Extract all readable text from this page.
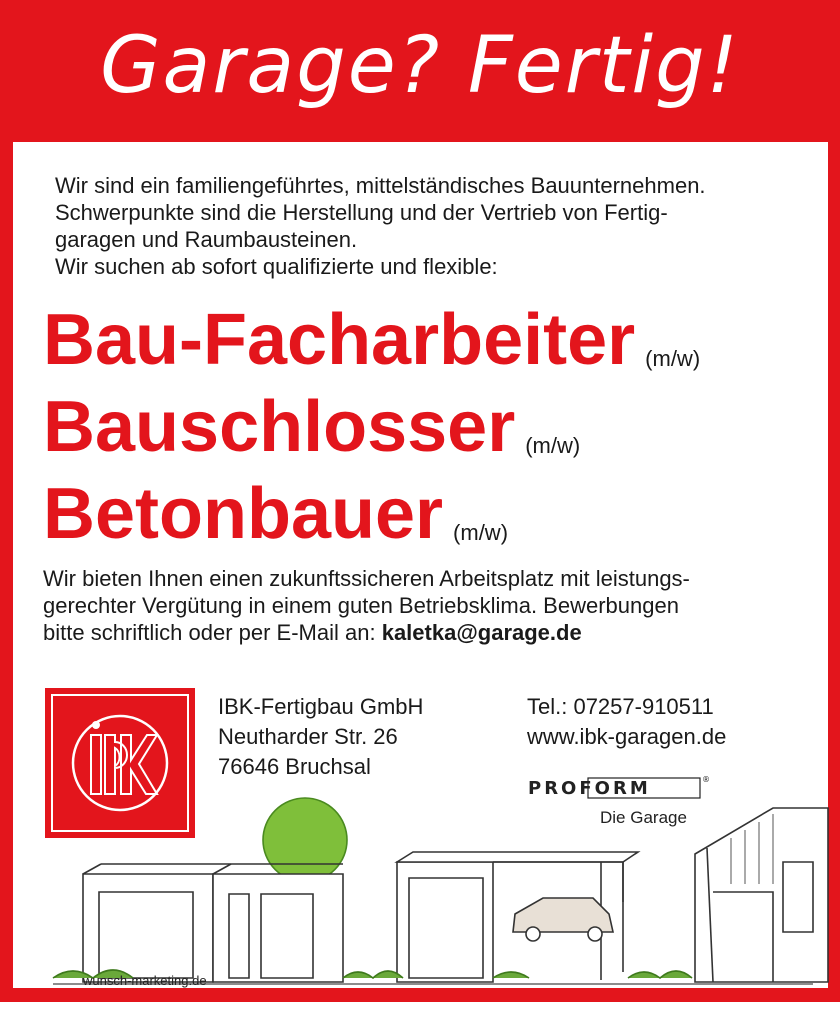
Garage? Fertig!
Wir sind ein familiengeführtes, mittelständisches Bauunternehmen.
Schwerpunkte sind die Herstellung und der Vertrieb von Fertig-
garagen und Raumbausteinen.
Wir suchen ab sofort qualifizierte und flexible:
Bau-Facharbeiter (m/w)
Bauschlosser (m/w)
Betonbauer (m/w)
Wir bieten Ihnen einen zukunftssicheren Arbeitsplatz mit leistungs-
gerechter Vergütung in einem guten Betriebsklima. Bewerbungen
bitte schriftlich oder per E-Mail an: kaletka@garage.de
IBK
IBK-Fertigbau GmbH
Neutharder Str. 26
76646 Bruchsal
Tel.: 07257-910511
www.ibk-garagen.de
PROFORM	®
Die Garage
wunsch-marketing.de
